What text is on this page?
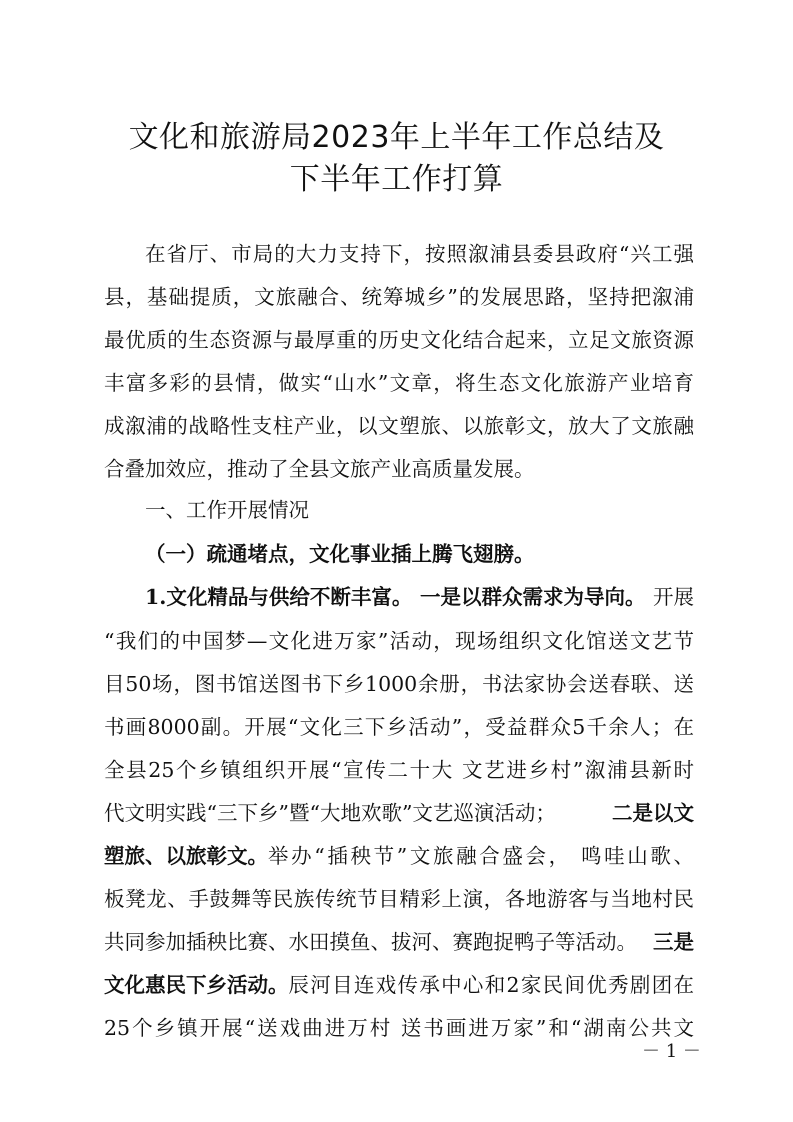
文化和旅游局2023年上半年工作总结及
下半年工作打算
在省厅、市局的大力支持下，按照溆浦县委县政府“兴工强
县，基础提质，文旅融合、统筹城乡”的发展思路，坚持把溆浦
最优质的生态资源与最厚重的历史文化结合起来，立足文旅资源
丰富多彩的县情，做实“山水”文章，将生态文化旅游产业培育
成溆浦的战略性支柱产业，以文塑旅、以旅彰文，放大了文旅融
合叠加效应，推动了全县文旅产业高质量发展。
一、工作开展情况
（一）疏通堵点，文化事业插上腾飞翅膀。
1.文化精品与供给不断丰富。 一是以群众需求为导向。 开展
“我们的中国梦—文化进万家”活动，现场组织文化馆送文艺节
目50场，图书馆送图书下乡1000余册，书法家协会送春联、送
书画8000副。开展“文化三下乡活动”，受益群众5千余人；在
全县25个乡镇组织开展“宣传二十大 文艺进乡村”溆浦县新时
代文明实践“三下乡”暨“大地欢歌”文艺巡演活动；	二是以文
塑旅、以旅彰文。 举办“插秧节”文旅融合盛会， 鸣哇山歌、
板凳龙、手鼓舞等民族传统节目精彩上演，各地游客与当地村民
共同参加插秧比赛、水田摸鱼、拔河、赛跑捉鸭子等活动。 三是
文化惠民下乡活动。 辰河目连戏传承中心和2家民间优秀剧团在
25个乡镇开展“送戏曲进万村 送书画进万家”和“湖南公共文
－ 1 －
